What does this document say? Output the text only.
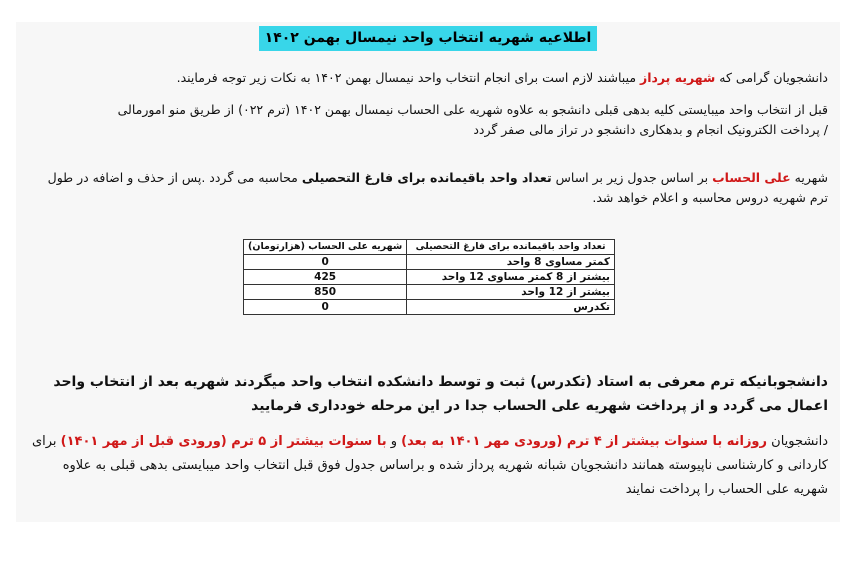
اطلاعیه شهریه انتخاب واحد نیمسال بهمن ۱۴۰۲
دانشجویان گرامی که شهریه پرداز میباشند لازم است برای انجام انتخاب واحد نیمسال بهمن ۱۴۰۲ به نکات زیر توجه فرمایند.
قبل از انتخاب واحد میبایستی کلیه بدهی قبلی دانشجو به علاوه شهریه علی الحساب نیمسال بهمن ۱۴۰۲ (ترم ۰۲۲) از طریق منو امورمالی
/ پرداخت الکترونیک انجام و بدهکاری دانشجو در تراز مالی صفر گردد
شهریه علی الحساب بر اساس جدول زیر بر اساس تعداد واحد باقیمانده برای فارغ التحصیلی محاسبه می گردد .پس از حذف و اضافه در طول ترم شهریه دروس محاسبه و اعلام خواهد شد.
تعداد واحد باقیمانده برای فارغ التحصیلی	شهریه علی الحساب (هزارتومان)
کمتر مساوی 8 واحد	0
بیشتر از 8 کمتر مساوی 12 واحد	425
بیشتر از 12 واحد	850
تکدرس	0
دانشجوبانیکه ترم معرفی به استاد (تکدرس) ثبت و توسط دانشکده انتخاب واحد میگردند شهریه بعد از انتخاب واحد اعمال می گردد و از پرداخت شهریه علی الحساب جدا در این مرحله خودداری فرمایید
دانشجویان روزانه با سنوات بیشتر از ۴ ترم (ورودی مهر ۱۴۰۱ به بعد) و با سنوات بیشتر از ۵ ترم (ورودی قبل از مهر ۱۴۰۱) برای کاردانی و کارشناسی ناپیوسته همانند دانشجویان شبانه شهریه پرداز شده و براساس جدول فوق قبل انتخاب واحد میبایستی بدهی قبلی به علاوه شهریه علی الحساب را پرداخت نمایند
